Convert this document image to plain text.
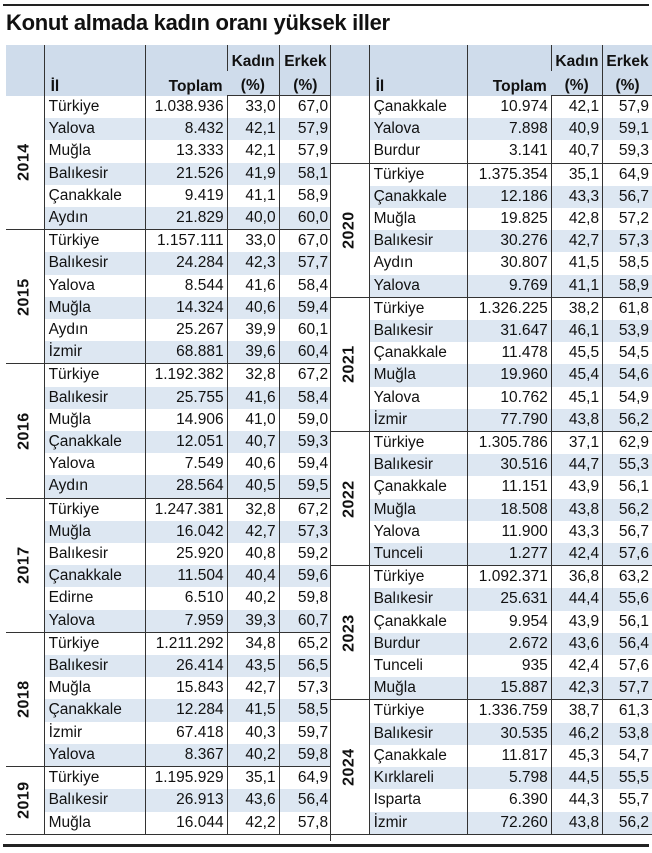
Konut almada kadın oranı yüksek iller
	İl	Toplam	Kadın	Erkek
			(%)	(%)
2014	Türkiye	1.038.936	33,0	67,0
	Yalova	8.432	42,1	57,9
	Muğla	13.333	42,1	57,9
	Balıkesir	21.526	41,9	58,1
	Çanakkale	9.419	41,1	58,9
	Aydın	21.829	40,0	60,0
2015	Türkiye	1.157.111	33,0	67,0
	Balıkesir	24.284	42,3	57,7
	Yalova	8.544	41,6	58,4
	Muğla	14.324	40,6	59,4
	Aydın	25.267	39,9	60,1
	İzmir	68.881	39,6	60,4
2016	Türkiye	1.192.382	32,8	67,2
	Balıkesir	25.755	41,6	58,4
	Muğla	14.906	41,0	59,0
	Çanakkale	12.051	40,7	59,3
	Yalova	7.549	40,6	59,4
	Aydın	28.564	40,5	59,5
2017	Türkiye	1.247.381	32,8	67,2
	Muğla	16.042	42,7	57,3
	Balıkesir	25.920	40,8	59,2
	Çanakkale	11.504	40,4	59,6
	Edirne	6.510	40,2	59,8
	Yalova	7.959	39,3	60,7
2018	Türkiye	1.211.292	34,8	65,2
	Balıkesir	26.414	43,5	56,5
	Muğla	15.843	42,7	57,3
	Çanakkale	12.284	41,5	58,5
	İzmir	67.418	40,3	59,7
	Yalova	8.367	40,2	59,8
2019	Türkiye	1.195.929	35,1	64,9
	Balıkesir	26.913	43,6	56,4
	Muğla	16.044	42,2	57,8
	İl	Toplam	Kadın	Erkek
			(%)	(%)
	Çanakkale	10.974	42,1	57,9
	Yalova	7.898	40,9	59,1
	Burdur	3.141	40,7	59,3
2020	Türkiye	1.375.354	35,1	64,9
	Çanakkale	12.186	43,3	56,7
	Muğla	19.825	42,8	57,2
	Balıkesir	30.276	42,7	57,3
	Aydın	30.807	41,5	58,5
	Yalova	9.769	41,1	58,9
2021	Türkiye	1.326.225	38,2	61,8
	Balıkesir	31.647	46,1	53,9
	Çanakkale	11.478	45,5	54,5
	Muğla	19.960	45,4	54,6
	Yalova	10.762	45,1	54,9
	İzmir	77.790	43,8	56,2
2022	Türkiye	1.305.786	37,1	62,9
	Balıkesir	30.516	44,7	55,3
	Çanakkale	11.151	43,9	56,1
	Muğla	18.508	43,8	56,2
	Yalova	11.900	43,3	56,7
	Tunceli	1.277	42,4	57,6
2023	Türkiye	1.092.371	36,8	63,2
	Balıkesir	25.631	44,4	55,6
	Çanakkale	9.954	43,9	56,1
	Burdur	2.672	43,6	56,4
	Tunceli	935	42,4	57,6
	Muğla	15.887	42,3	57,7
2024	Türkiye	1.336.759	38,7	61,3
	Balıkesir	30.535	46,2	53,8
	Çanakkale	11.817	45,3	54,7
	Kırklareli	5.798	44,5	55,5
	Isparta	6.390	44,3	55,7
	İzmir	72.260	43,8	56,2
